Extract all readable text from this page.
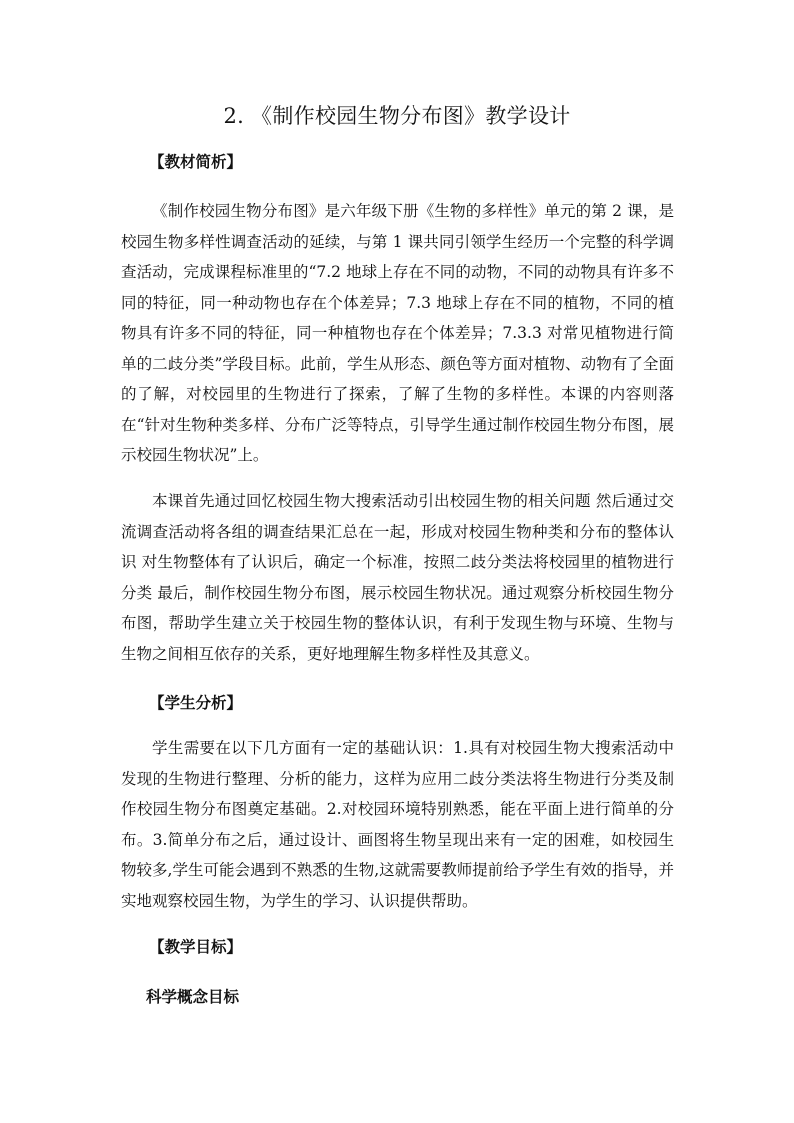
2. 《制作校园生物分布图》教学设计
【教材简析】

《制作校园生物分布图》是六年级下册《生物的多样性》单元的第 2 课，是校园生物多样性调查活动的延续，与第 1 课共同引领学生经历一个完整的科学调查活动，完成课程标准里的“7.2 地球上存在不同的动物，不同的动物具有许多不同的特征，同一种动物也存在个体差异；7.3 地球上存在不同的植物，不同的植物具有许多不同的特征，同一种植物也存在个体差异；7.3.3 对常见植物进行简单的二歧分类”学段目标。此前，学生从形态、颜色等方面对植物、动物有了全面的了解，对校园里的生物进行了探索，了解了生物的多样性。本课的内容则落在“针对生物种类多样、分布广泛等特点，引导学生通过制作校园生物分布图，展示校园生物状况”上。

本课首先通过回忆校园生物大搜索活动引出校园生物的相关问题 然后通过交流调查活动将各组的调查结果汇总在一起，形成对校园生物种类和分布的整体认识 对生物整体有了认识后，确定一个标准，按照二歧分类法将校园里的植物进行分类 最后，制作校园生物分布图，展示校园生物状况。通过观察分析校园生物分布图，帮助学生建立关于校园生物的整体认识，有利于发现生物与环境、生物与生物之间相互依存的关系，更好地理解生物多样性及其意义。

【学生分析】

学生需要在以下几方面有一定的基础认识：1.具有对校园生物大搜索活动中发现的生物进行整理、分析的能力，这样为应用二歧分类法将生物进行分类及制作校园生物分布图奠定基础。2.对校园环境特别熟悉，能在平面上进行简单的分布。3.简单分布之后，通过设计、画图将生物呈现出来有一定的困难，如校园生物较多,学生可能会遇到不熟悉的生物,这就需要教师提前给予学生有效的指导，并实地观察校园生物，为学生的学习、认识提供帮助。

【教学目标】
科学概念目标
